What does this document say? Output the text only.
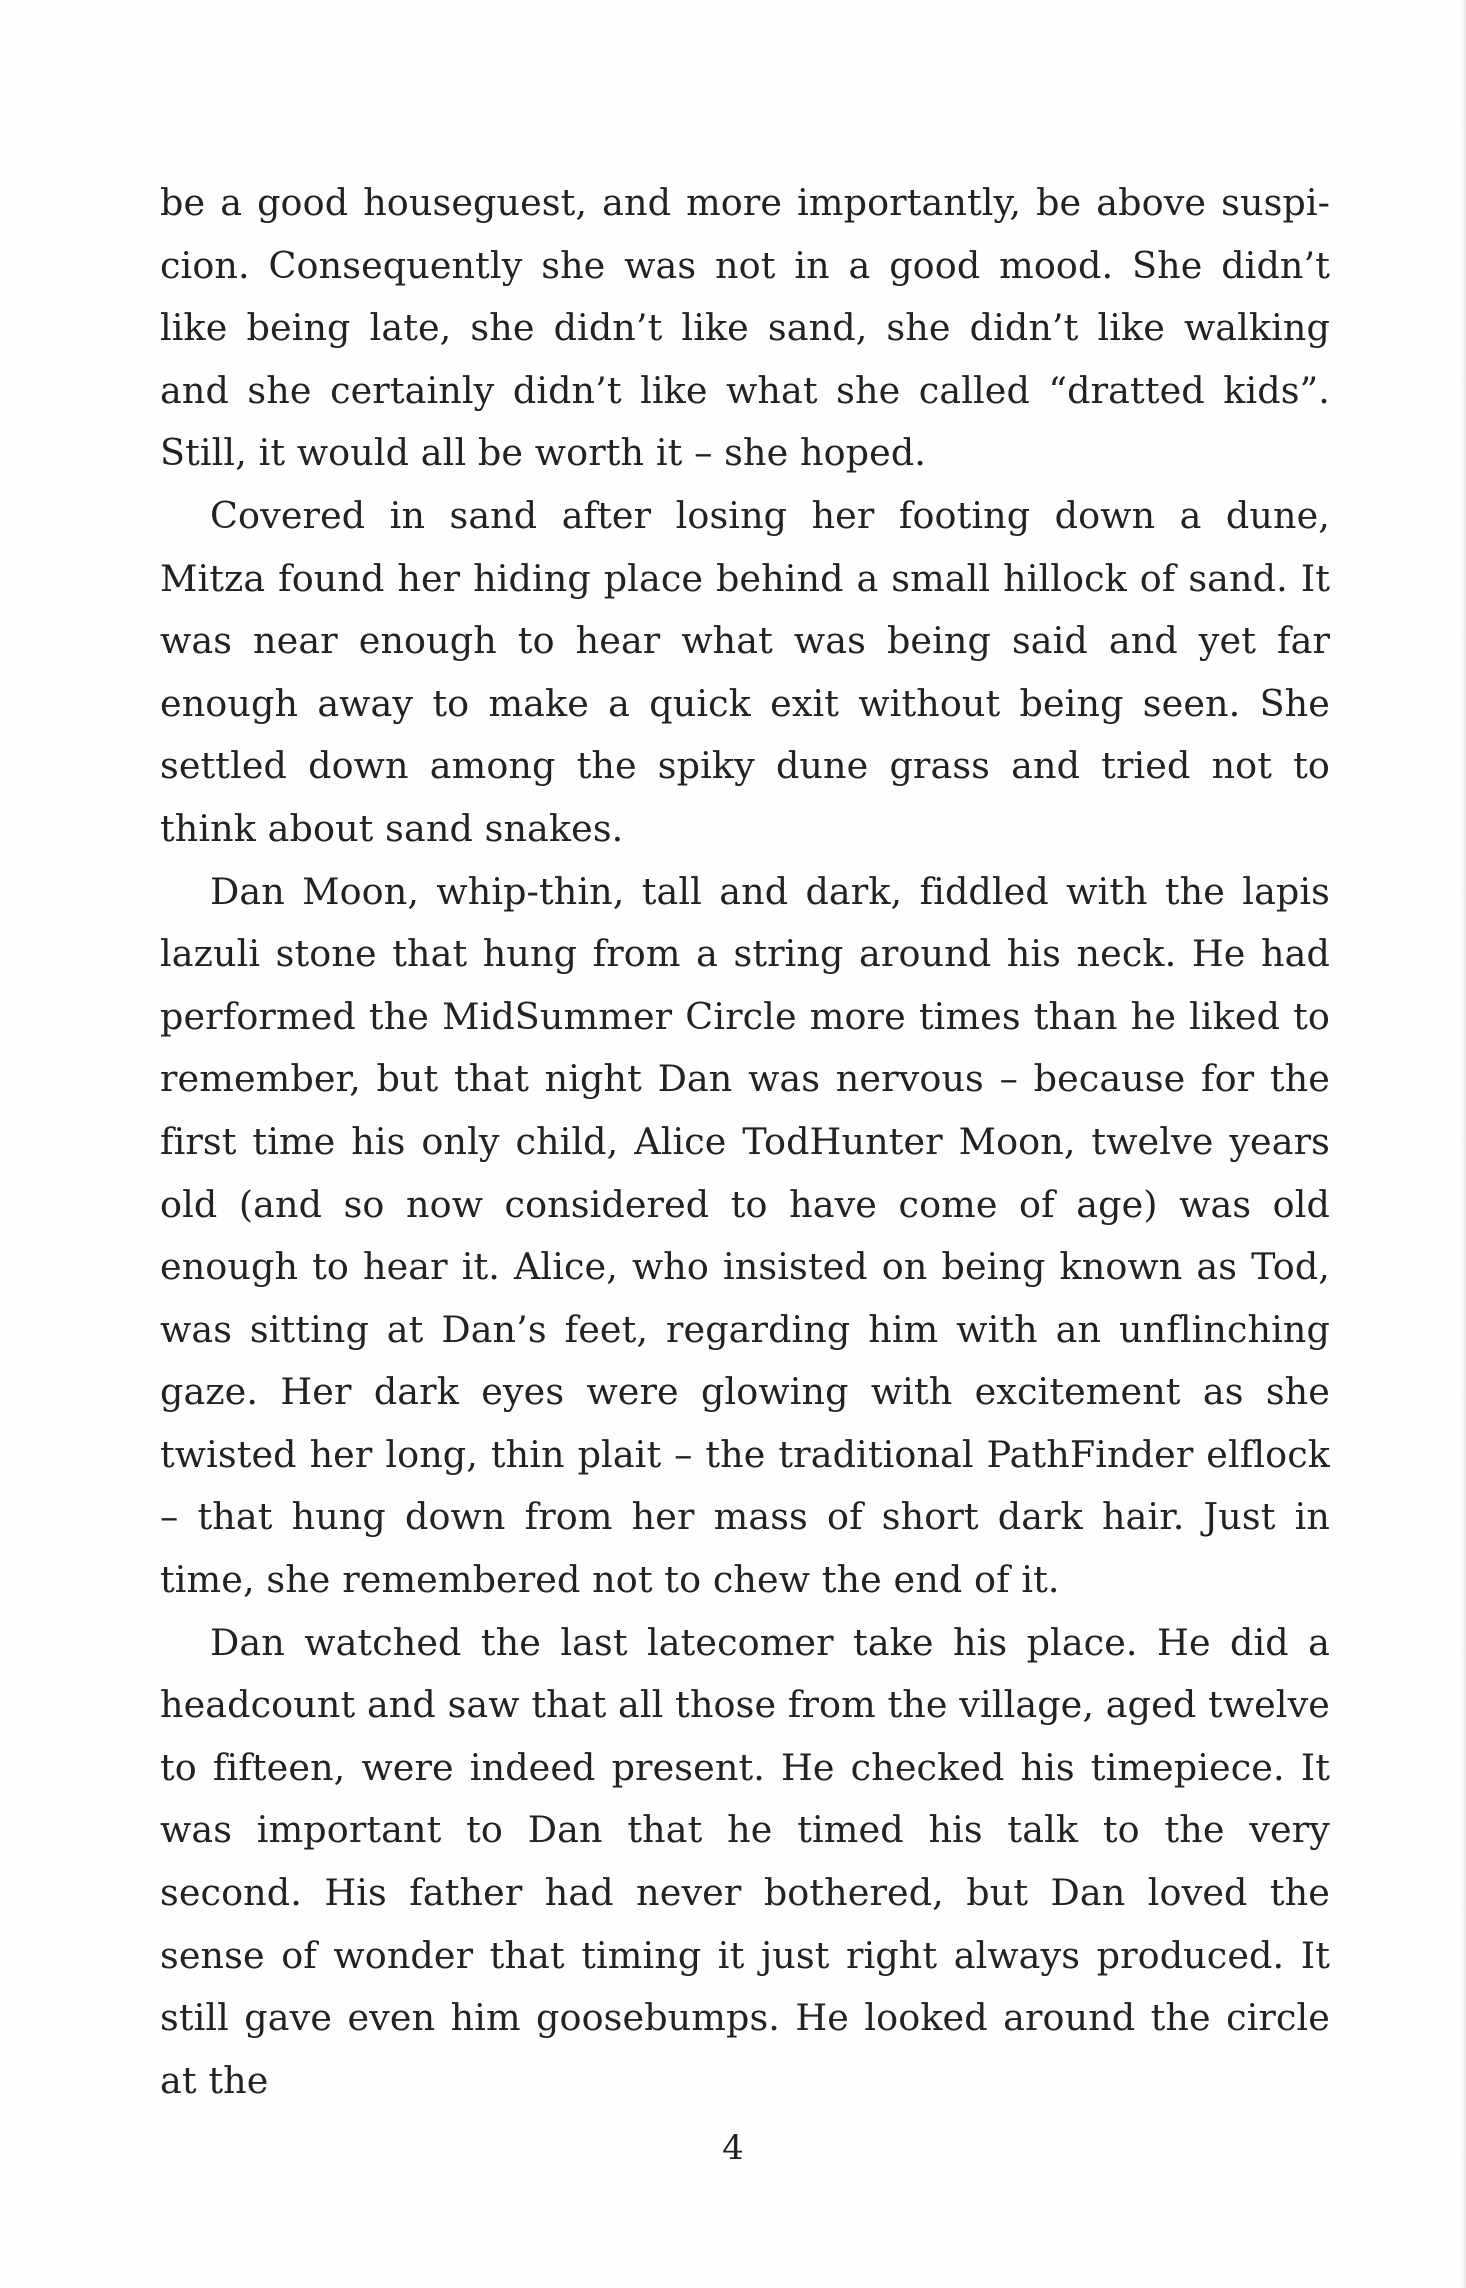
be a good houseguest, and more importantly, be above suspicion. Consequently she was not in a good mood. She didn’t like being late, she didn’t like sand, she didn’t like walking and she certainly didn’t like what she called “dratted kids”. Still, it would all be worth it – she hoped.

Covered in sand after losing her footing down a dune, Mitza found her hiding place behind a small hillock of sand. It was near enough to hear what was being said and yet far enough away to make a quick exit without being seen. She settled down among the spiky dune grass and tried not to think about sand snakes.

Dan Moon, whip-thin, tall and dark, fiddled with the lapis lazuli stone that hung from a string around his neck. He had performed the MidSummer Circle more times than he liked to remember, but that night Dan was nervous – because for the first time his only child, Alice TodHunter Moon, twelve years old (and so now considered to have come of age) was old enough to hear it. Alice, who insisted on being known as Tod, was sitting at Dan’s feet, regarding him with an unflinching gaze. Her dark eyes were glowing with excitement as she twisted her long, thin plait – the traditional PathFinder elflock – that hung down from her mass of short dark hair. Just in time, she remembered not to chew the end of it.

Dan watched the last latecomer take his place. He did a headcount and saw that all those from the village, aged twelve to fifteen, were indeed present. He checked his timepiece. It was important to Dan that he timed his talk to the very second. His father had never bothered, but Dan loved the sense of wonder that timing it just right always produced. It still gave even him goosebumps. He looked around the circle at the

4
